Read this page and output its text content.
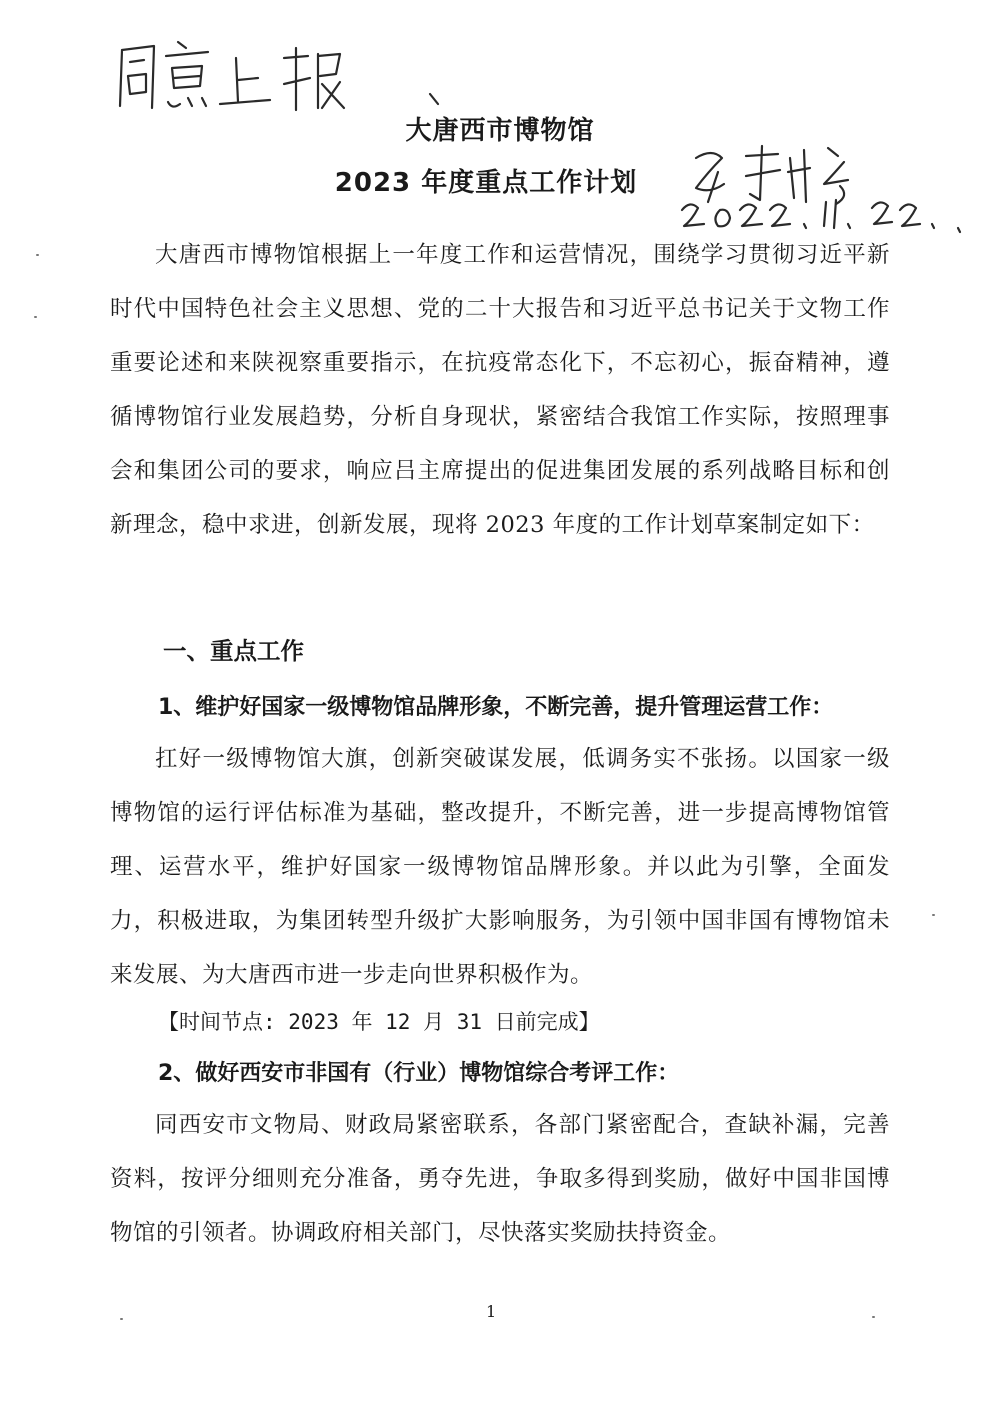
大唐西市博物馆
2023 年度重点工作计划

大唐西市博物馆根据上一年度工作和运营情况，围绕学习贯彻习近平新时代中国特色社会主义思想、党的二十大报告和习近平总书记关于文物工作重要论述和来陕视察重要指示，在抗疫常态化下，不忘初心，振奋精神，遵循博物馆行业发展趋势，分析自身现状，紧密结合我馆工作实际，按照理事会和集团公司的要求，响应吕主席提出的促进集团发展的系列战略目标和创新理念，稳中求进，创新发展，现将 2023 年度的工作计划草案制定如下：

一、重点工作

1、维护好国家一级博物馆品牌形象，不断完善，提升管理运营工作：

扛好一级博物馆大旗，创新突破谋发展，低调务实不张扬。以国家一级博物馆的运行评估标准为基础，整改提升，不断完善，进一步提高博物馆管理、运营水平，维护好国家一级博物馆品牌形象。并以此为引擎，全面发力，积极进取，为集团转型升级扩大影响服务，为引领中国非国有博物馆未来发展、为大唐西市进一步走向世界积极作为。

【时间节点: 2023 年 12 月 31 日前完成】

2、做好西安市非国有（行业）博物馆综合考评工作：

同西安市文物局、财政局紧密联系，各部门紧密配合，查缺补漏，完善资料，按评分细则充分准备，勇夺先进，争取多得到奖励，做好中国非国博物馆的引领者。协调政府相关部门，尽快落实奖励扶持资金。

1
